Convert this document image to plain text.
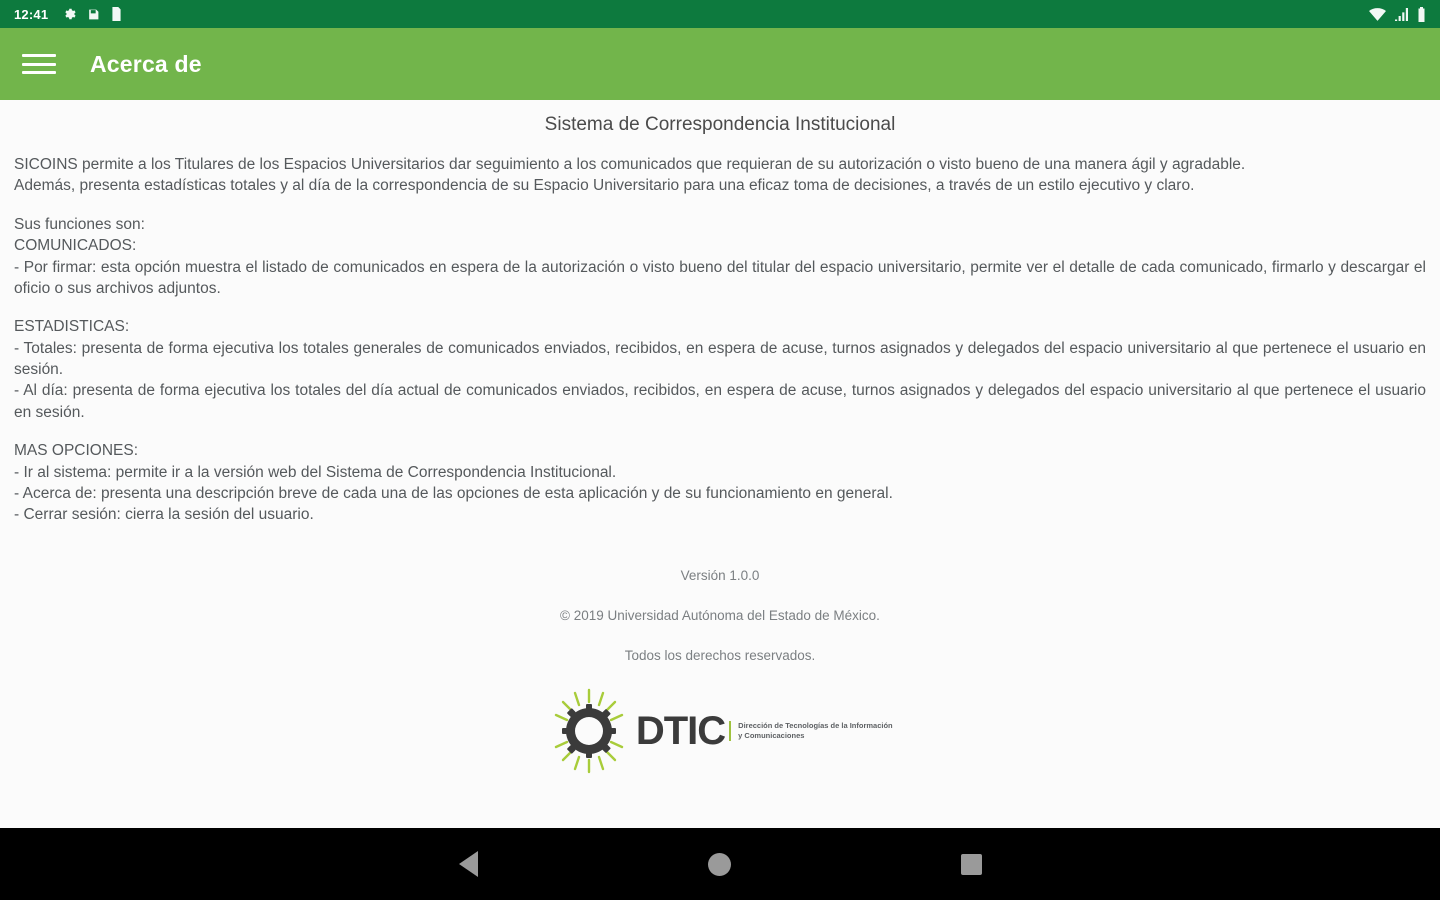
12:41
Acerca de
Sistema de Correspondencia Institucional

SICOINS permite a los Titulares de los Espacios Universitarios dar seguimiento a los comunicados que requieran de su autorización o visto bueno de una manera ágil y agradable.

Además, presenta estadísticas totales y al día de la correspondencia de su Espacio Universitario para una eficaz toma de decisiones, a través de un estilo ejecutivo y claro.

Sus funciones son:

COMUNICADOS:

- Por firmar: esta opción muestra el listado de comunicados en espera de la autorización o visto bueno del titular del espacio universitario, permite ver el detalle de cada comunicado, firmarlo y descargar el oficio o sus archivos adjuntos.

ESTADISTICAS:

- Totales: presenta de forma ejecutiva los totales generales de comunicados enviados, recibidos, en espera de acuse, turnos asignados y delegados del espacio universitario al que pertenece el usuario en sesión.

- Al día: presenta de forma ejecutiva los totales del día actual de comunicados enviados, recibidos, en espera de acuse, turnos asignados y delegados del espacio universitario al que pertenece el usuario en sesión.

MAS OPCIONES:

- Ir al sistema: permite ir a la versión web del Sistema de Correspondencia Institucional.

- Acerca de: presenta una descripción breve de cada una de las opciones de esta aplicación y de su funcionamiento en general.

- Cerrar sesión: cierra la sesión del usuario.

Versión 1.0.0
© 2019 Universidad Autónoma del Estado de México.
Todos los derechos reservados.
DTIC	Dirección de Tecnologías de la Información y Comunicaciones
